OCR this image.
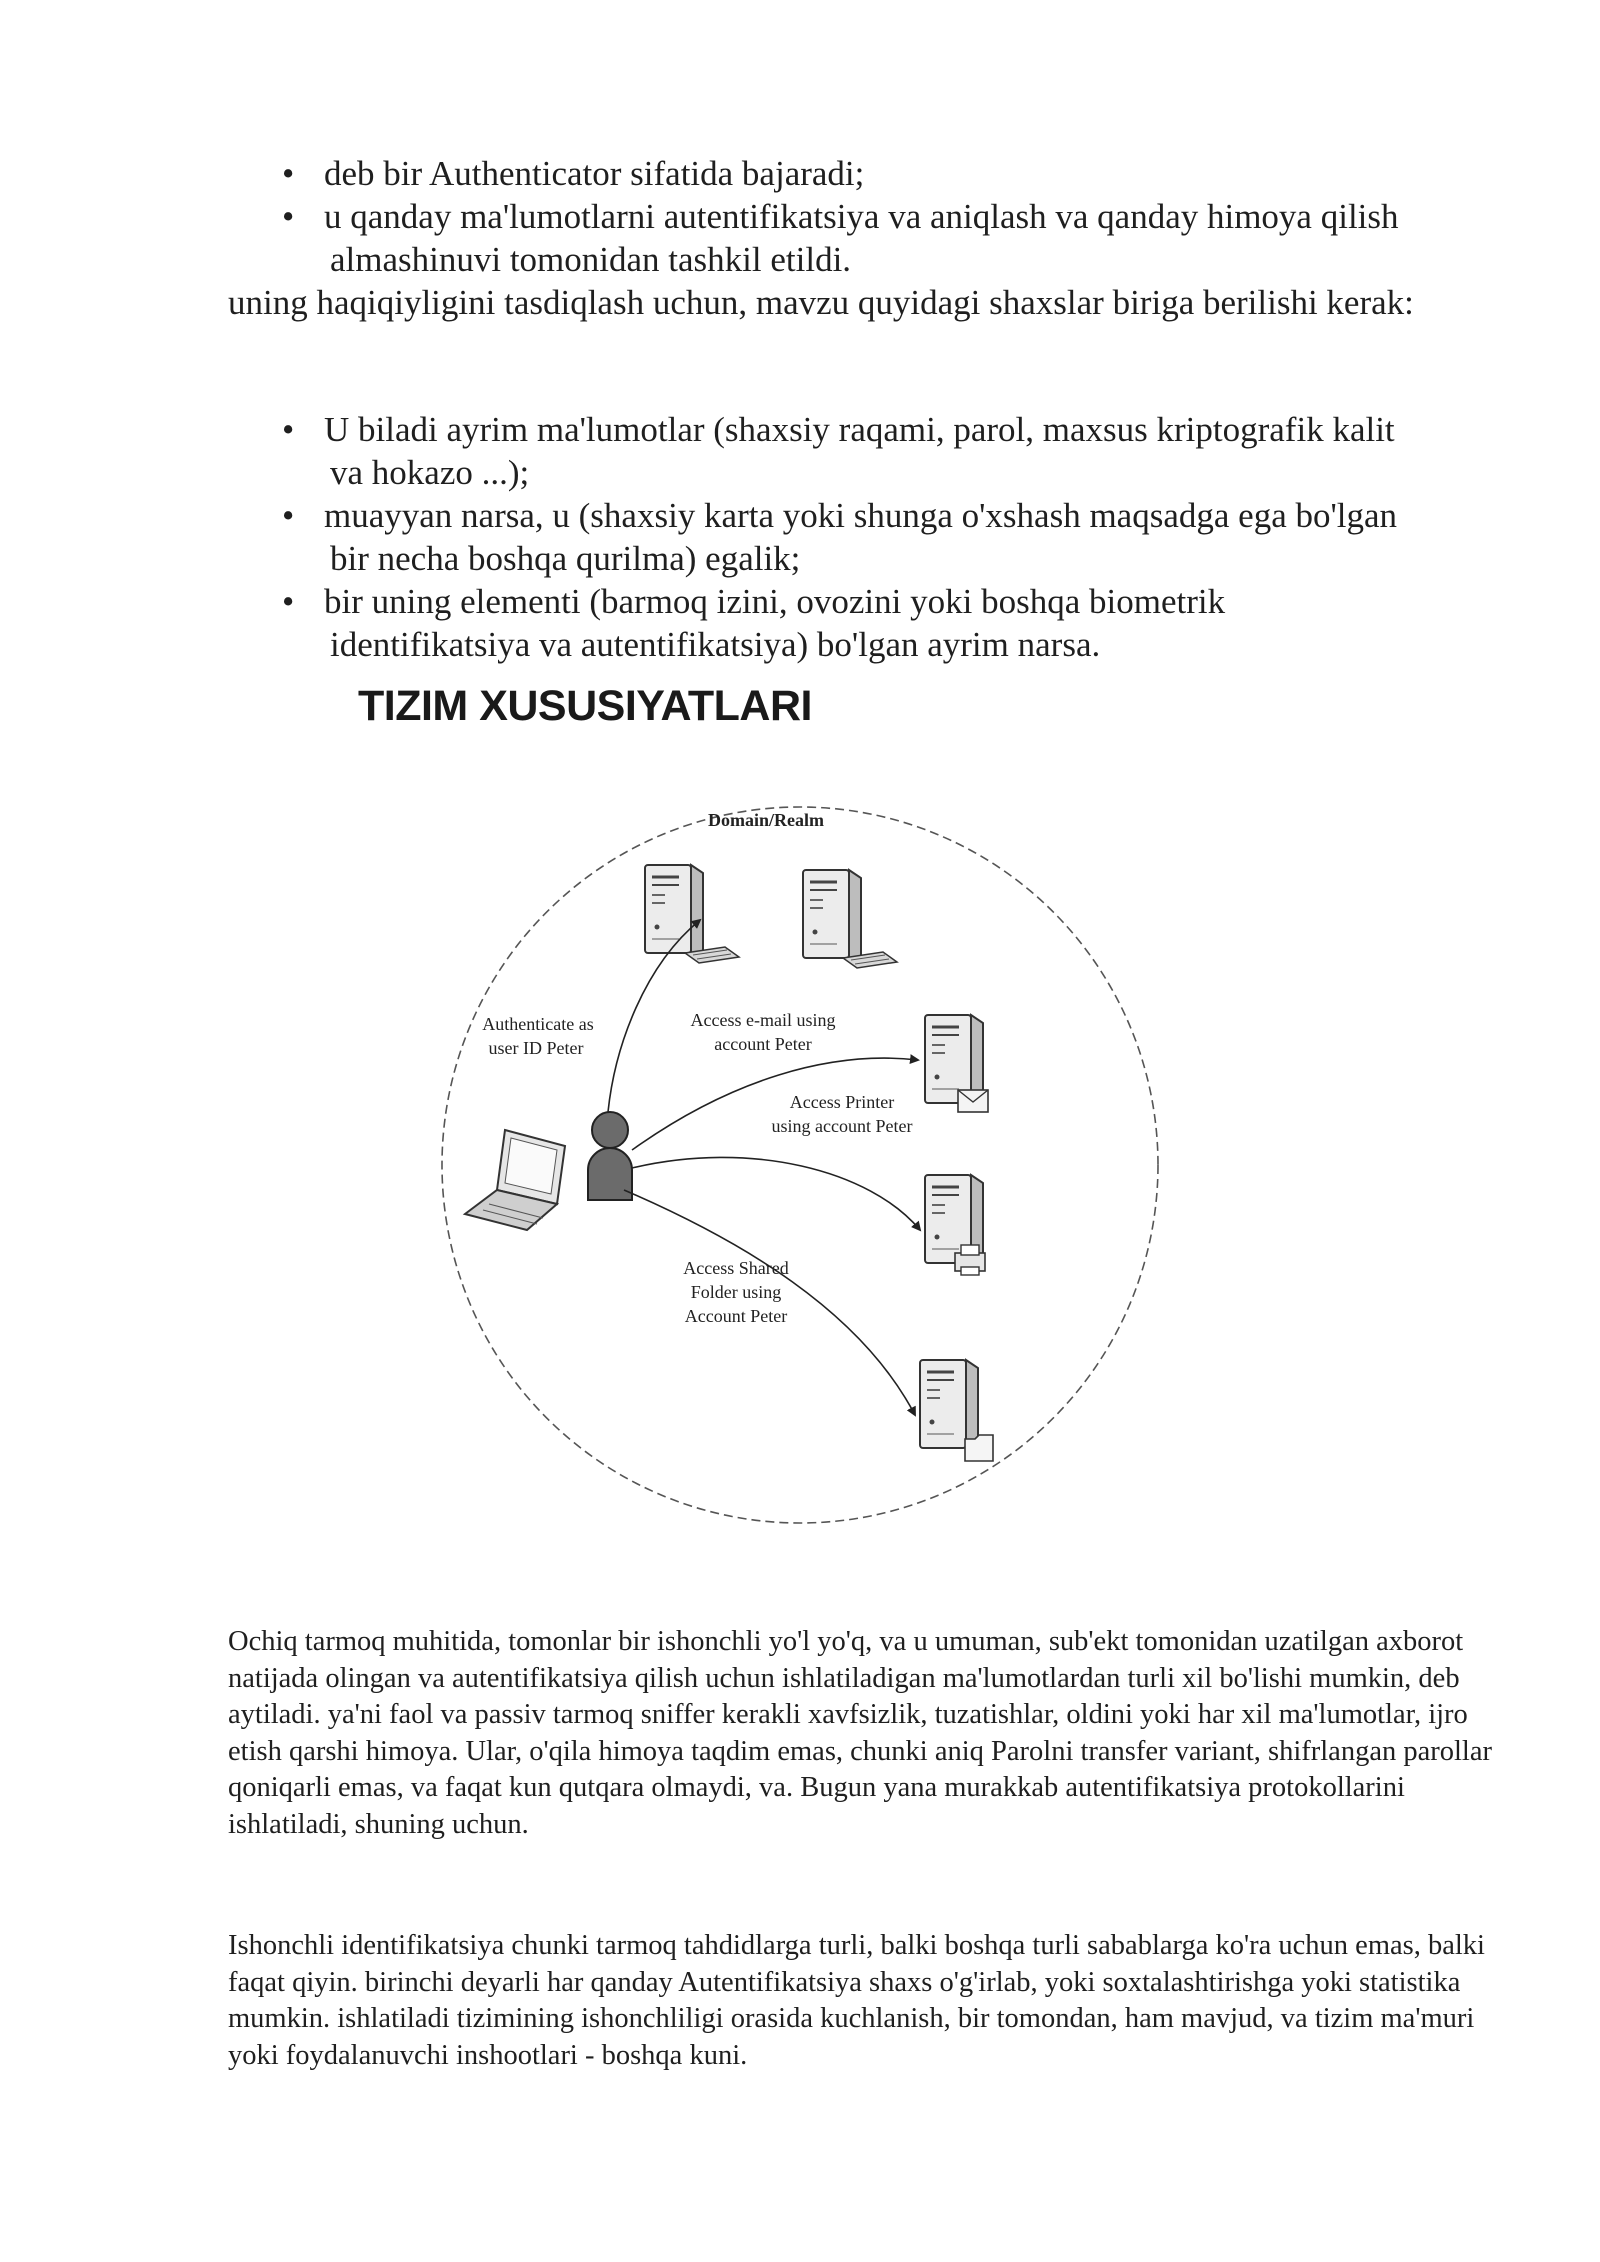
• deb bir Authenticator sifatida bajaradi;
• u qanday ma'lumotlarni autentifikatsiya va aniqlash va qanday himoya qilish
almashinuvi tomonidan tashkil etildi.

uning haqiqiyligini tasdiqlash uchun, mavzu quyidagi shaxslar biriga berilishi kerak:

• U biladi ayrim ma'lumotlar (shaxsiy raqami, parol, maxsus kriptografik kalit
va hokazo ...);
• muayyan narsa, u (shaxsiy karta yoki shunga o'xshash maqsadga ega bo'lgan
bir necha boshqa qurilma) egalik;
• bir uning elementi (barmoq izini, ovozini yoki boshqa biometrik
identifikatsiya va autentifikatsiya) bo'lgan ayrim narsa.
TIZIM XUSUSIYATLARI
Domain/Realm
Authenticate as
user ID Peter
Access e-mail using
account Peter
Access Printer
using account Peter
Access Shared
Folder using
Account Peter

Ochiq tarmoq muhitida, tomonlar bir ishonchli yo'l yo'q, va u umuman, sub'ekt tomonidan uzatilgan axborot natijada olingan va autentifikatsiya qilish uchun ishlatiladigan ma'lumotlardan turli xil bo'lishi mumkin, deb aytiladi. ya'ni faol va passiv tarmoq sniffer kerakli xavfsizlik, tuzatishlar, oldini yoki har xil ma'lumotlar, ijro etish qarshi himoya. Ular, o'qila himoya taqdim emas, chunki aniq Parolni transfer variant, shifrlangan parollar qoniqarli emas, va faqat kun qutqara olmaydi, va. Bugun yana murakkab autentifikatsiya protokollarini ishlatiladi, shuning uchun.

Ishonchli identifikatsiya chunki tarmoq tahdidlarga turli, balki boshqa turli sabablarga ko'ra uchun emas, balki faqat qiyin. birinchi deyarli har qanday Autentifikatsiya shaxs o'g'irlab, yoki soxtalashtirishga yoki statistika mumkin. ishlatiladi tizimining ishonchliligi orasida kuchlanish, bir tomondan, ham mavjud, va tizim ma'muri yoki foydalanuvchi inshootlari - boshqa kuni.
